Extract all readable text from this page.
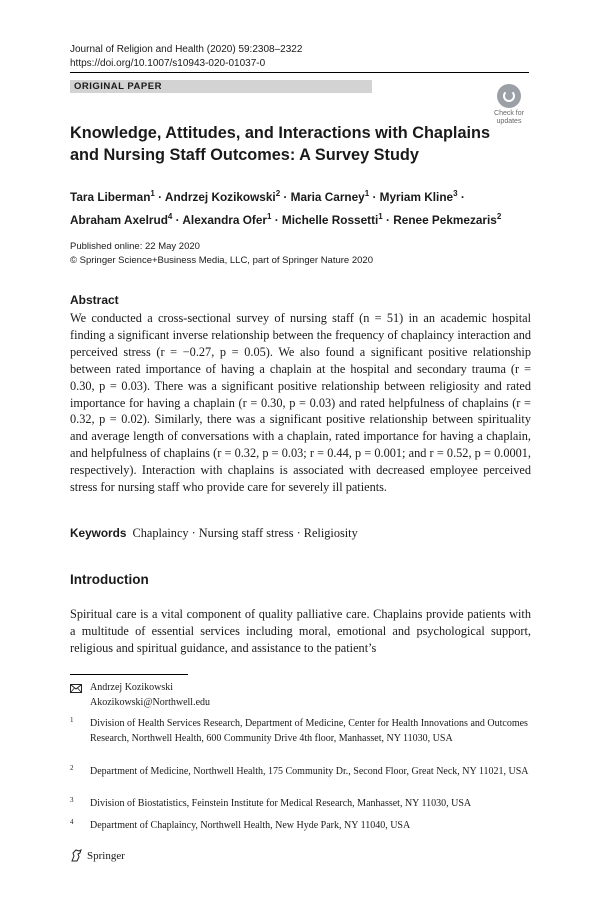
Journal of Religion and Health (2020) 59:2308–2322
https://doi.org/10.1007/s10943-020-01037-0
ORIGINAL PAPER
Check for
updates
Knowledge, Attitudes, and Interactions with Chaplains
and Nursing Staff Outcomes: A Survey Study
Tara Liberman$^1$ · Andrzej Kozikowski$^2$ · Maria Carney$^1$ · Myriam Kline$^3$ ·
Abraham Axelrud$^4$ · Alexandra Ofer$^1$ · Michelle Rossetti$^1$ · Renee Pekmezaris$^2$
Published online: 22 May 2020
© Springer Science+Business Media, LLC, part of Springer Nature 2020
Abstract
We conducted a cross-sectional survey of nursing staff (n = 51) in an academic hospital finding a significant inverse relationship between the frequency of chaplaincy interaction and perceived stress (r = −0.27, p = 0.05). We also found a significant positive relationship between rated importance of having a chaplain at the hospital and secondary trauma (r = 0.30, p = 0.03). There was a significant positive relationship between religiosity and rated importance for having a chaplain (r = 0.30, p = 0.03) and rated helpfulness of chaplains (r = 0.32, p = 0.02). Similarly, there was a significant positive relationship between spirituality and average length of conversations with a chaplain, rated importance for having a chaplain, and helpfulness of chaplains (r = 0.32, p = 0.03; r = 0.44, p = 0.001; and r = 0.52, p = 0.0001, respectively). Interaction with chaplains is associated with decreased employee perceived stress for nursing staff who provide care for severely ill patients.
Keywords Chaplaincy · Nursing staff stress · Religiosity
Introduction
Spiritual care is a vital component of quality palliative care. Chaplains provide patients with a multitude of essential services including moral, emotional and psychological support, religious and spiritual guidance, and assistance to the patient’s
Andrzej Kozikowski
Akozikowski@Northwell.edu
1 Division of Health Services Research, Department of Medicine, Center for Health Innovations and Outcomes Research, Northwell Health, 600 Community Drive 4th floor, Manhasset, NY 11030, USA
2 Department of Medicine, Northwell Health, 175 Community Dr., Second Floor, Great Neck, NY 11021, USA
3 Division of Biostatistics, Feinstein Institute for Medical Research, Manhasset, NY 11030, USA
4 Department of Chaplaincy, Northwell Health, New Hyde Park, NY 11040, USA
Springer
